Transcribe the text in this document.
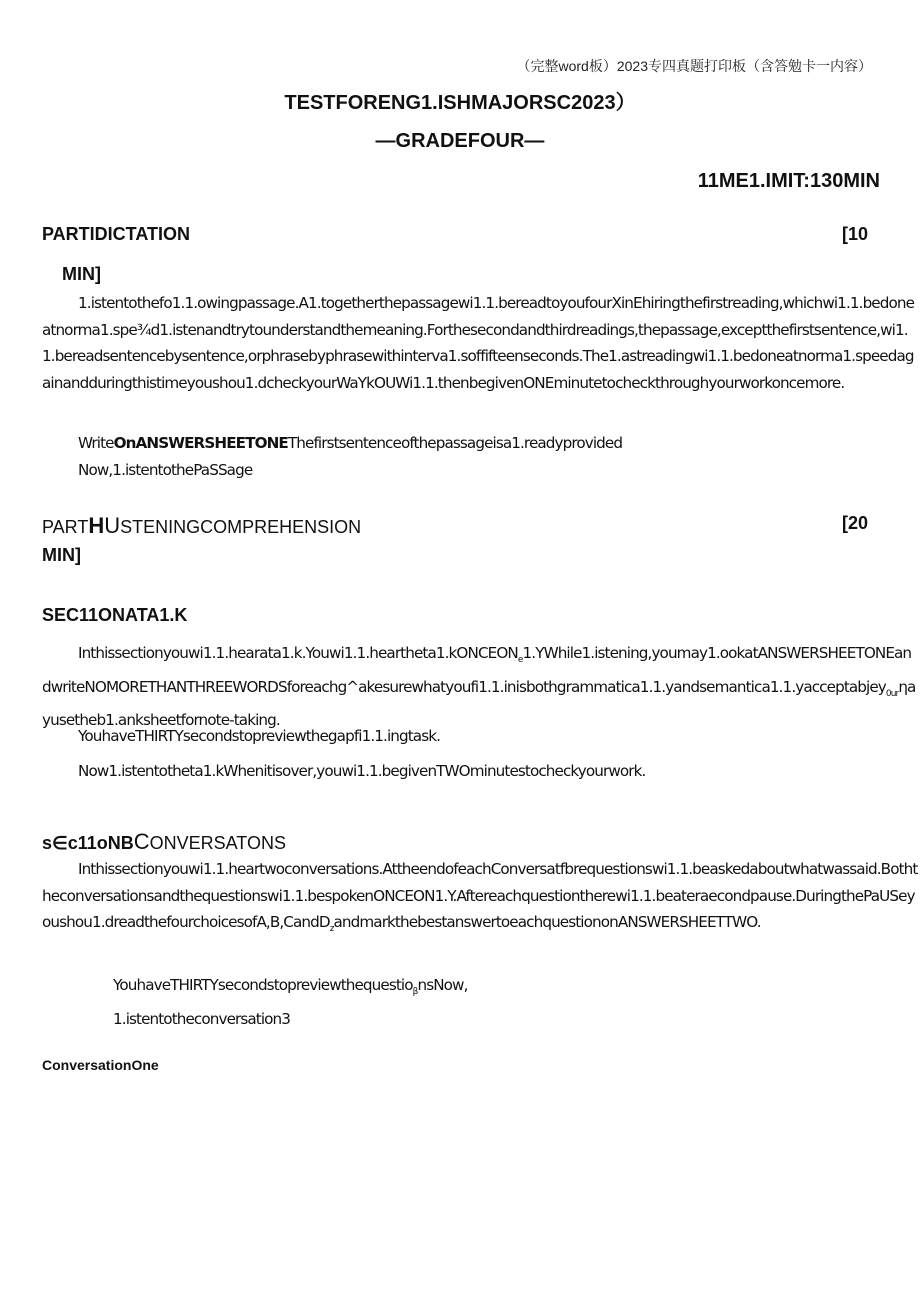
（完整word板）2023专四真题打印板（含答勉卡一内容）
TESTFORENG1.ISHMAJORSC2023）
—GRADEFOUR—
11ME1.IMIT:130MIN
PARTIDICTATION	[10
MIN]
1.istentothefo1.1.owingpassage.A1.togetherthepassagewi1.1.bereadtoyoufourXinEhiringthefirstreading,whichwi1.1.bedoneatnorma1.spe¾d1.istenandtrytounderstandthemeaning.Forthesecondandthirdreadings,thepassage,exceptthefirstsentence,wi1.1.bereadsentencebysentence,orphrasebyphrasewithinterva1.soffifteenseconds.The1.astreadingwi1.1.bedoneatnorma1.speedagainandduringthistimeyoushou1.dcheckyourWaYkOUWi1.1.thenbegivenONEminutetocheckthroughyourworkoncemore.
WriteOnANSWERSHEETONEThefirstsentenceofthepassageisa1.readyprovided
Now,1.istentothePaSSage
PARTHUSTENINGCOMPREHENSION	[20
MIN]
SEC11ONATA1.K
Inthissectionyouwi1.1.hearata1.k.Youwi1.1.heartheta1.kONCEON$_e$1.YWhile1.istening,youmay1.ookatANSWERSHEETONEandwriteNOMORETHANTHREEWORDSforeachg^akesurewhatyoufi1.1.inisbothgrammatica1.1.yandsemantica1.1.yacceptabjey$_{0ur}$ηayusetheb1.anksheetfornote-taking.
YouhaveTHIRTYsecondstopreviewthegapfi1.1.ingtask.
Now1.istentotheta1.kWhenitisover,youwi1.1.begivenTWOminutestocheckyourwork.
s∈c11oNBCONVERSATONS
Inthissectionyouwi1.1.heartwoconversations.AttheendofeachConversatfbrequestionswi1.1.beaskedaboutwhatwassaid.Boththeconversationsandthequestionswi1.1.bespokenONCEON1.Y.Aftereachquestiontherewi1.1.beateraecondpause.DuringthePaUSeyoushou1.dreadthefourchoicesofA,B,CandD$_z$andmarkthebestanswertoeachquestiononANSWERSHEETTWO.
YouhaveTHIRTYsecondstopreviewthequestio$_\beta$nsNow,
1.istentotheconversation3
ConversationOne
